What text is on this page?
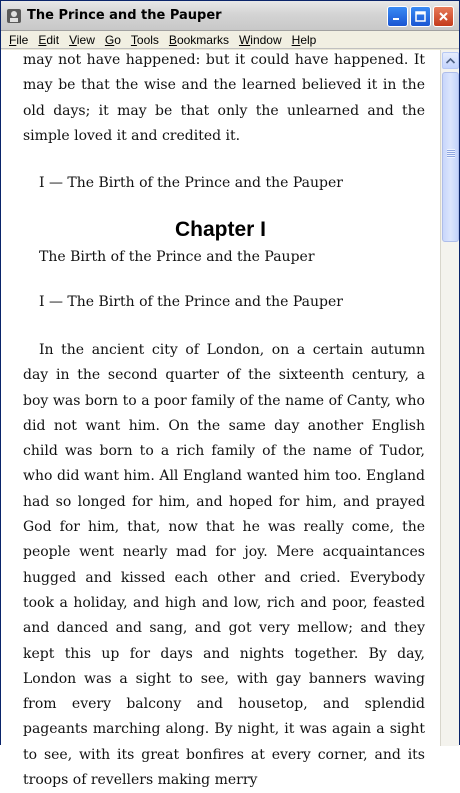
The Prince and the Pauper
File Edit View Go Tools Bookmarks Window Help

may not have happened: but it could have happened. It may be that the wise and the learned believed it in the old days; it may be that only the unlearned and the simple loved it and credited it.

I — The Birth of the Prince and the Pauper
Chapter I
The Birth of the Prince and the Pauper
I — The Birth of the Prince and the Pauper

In the ancient city of London, on a certain autumn day in the second quarter of the sixteenth century, a boy was born to a poor family of the name of Canty, who did not want him. On the same day another English child was born to a rich family of the name of Tudor, who did want him. All England wanted him too. England had so longed for him, and hoped for him, and prayed God for him, that, now that he was really come, the people went nearly mad for joy. Mere acquaintances hugged and kissed each other and cried. Everybody took a holiday, and high and low, rich and poor, feasted and danced and sang, and got very mellow; and they kept this up for days and nights together. By day, London was a sight to see, with gay banners waving from every balcony and housetop, and splendid pageants marching along. By night, it was again a sight to see, with its great bonfires at every corner, and its troops of revellers making merry
